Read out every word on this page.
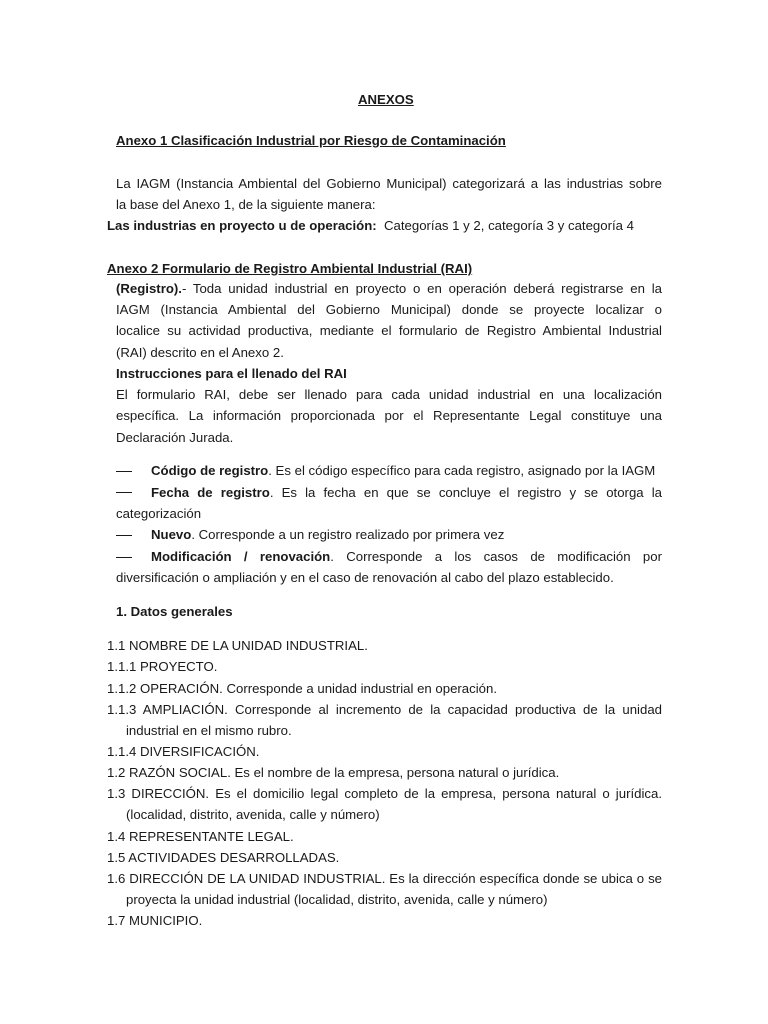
ANEXOS
Anexo 1 Clasificación Industrial por Riesgo de Contaminación
La IAGM (Instancia Ambiental del Gobierno Municipal) categorizará a las industrias sobre
la base del Anexo 1, de la siguiente manera:
Las industrias en proyecto u de operación: Categorías 1 y 2, categoría 3 y categoría 4
Anexo 2 Formulario de Registro Ambiental Industrial (RAI)
(Registro).- Toda unidad industrial en proyecto o en operación deberá registrarse en la
IAGM (Instancia Ambiental del Gobierno Municipal) donde se proyecte localizar o
localice su actividad productiva, mediante el formulario de Registro Ambiental Industrial
(RAI) descrito en el Anexo 2.
Instrucciones para el llenado del RAI
El formulario RAI, debe ser llenado para cada unidad industrial en una localización
específica. La información proporcionada por el Representante Legal constituye una
Declaración Jurada.
Código de registro. Es el código específico para cada registro, asignado por la IAGM
Fecha de registro. Es la fecha en que se concluye el registro y se otorga la
categorización
Nuevo. Corresponde a un registro realizado por primera vez
Modificación / renovación. Corresponde a los casos de modificación por
diversificación o ampliación y en el caso de renovación al cabo del plazo establecido.
1. Datos generales
1.1 NOMBRE DE LA UNIDAD INDUSTRIAL.
1.1.1 PROYECTO.
1.1.2 OPERACIÓN. Corresponde a unidad industrial en operación.
1.1.3 AMPLIACIÓN. Corresponde al incremento de la capacidad productiva de la unidad
industrial en el mismo rubro.
1.1.4 DIVERSIFICACIÓN.
1.2 RAZÓN SOCIAL. Es el nombre de la empresa, persona natural o jurídica.
1.3 DIRECCIÓN. Es el domicilio legal completo de la empresa, persona natural o jurídica.
(localidad, distrito, avenida, calle y número)
1.4 REPRESENTANTE LEGAL.
1.5 ACTIVIDADES DESARROLLADAS.
1.6 DIRECCIÓN DE LA UNIDAD INDUSTRIAL. Es la dirección específica donde se ubica o se
proyecta la unidad industrial (localidad, distrito, avenida, calle y número)
1.7 MUNICIPIO.
